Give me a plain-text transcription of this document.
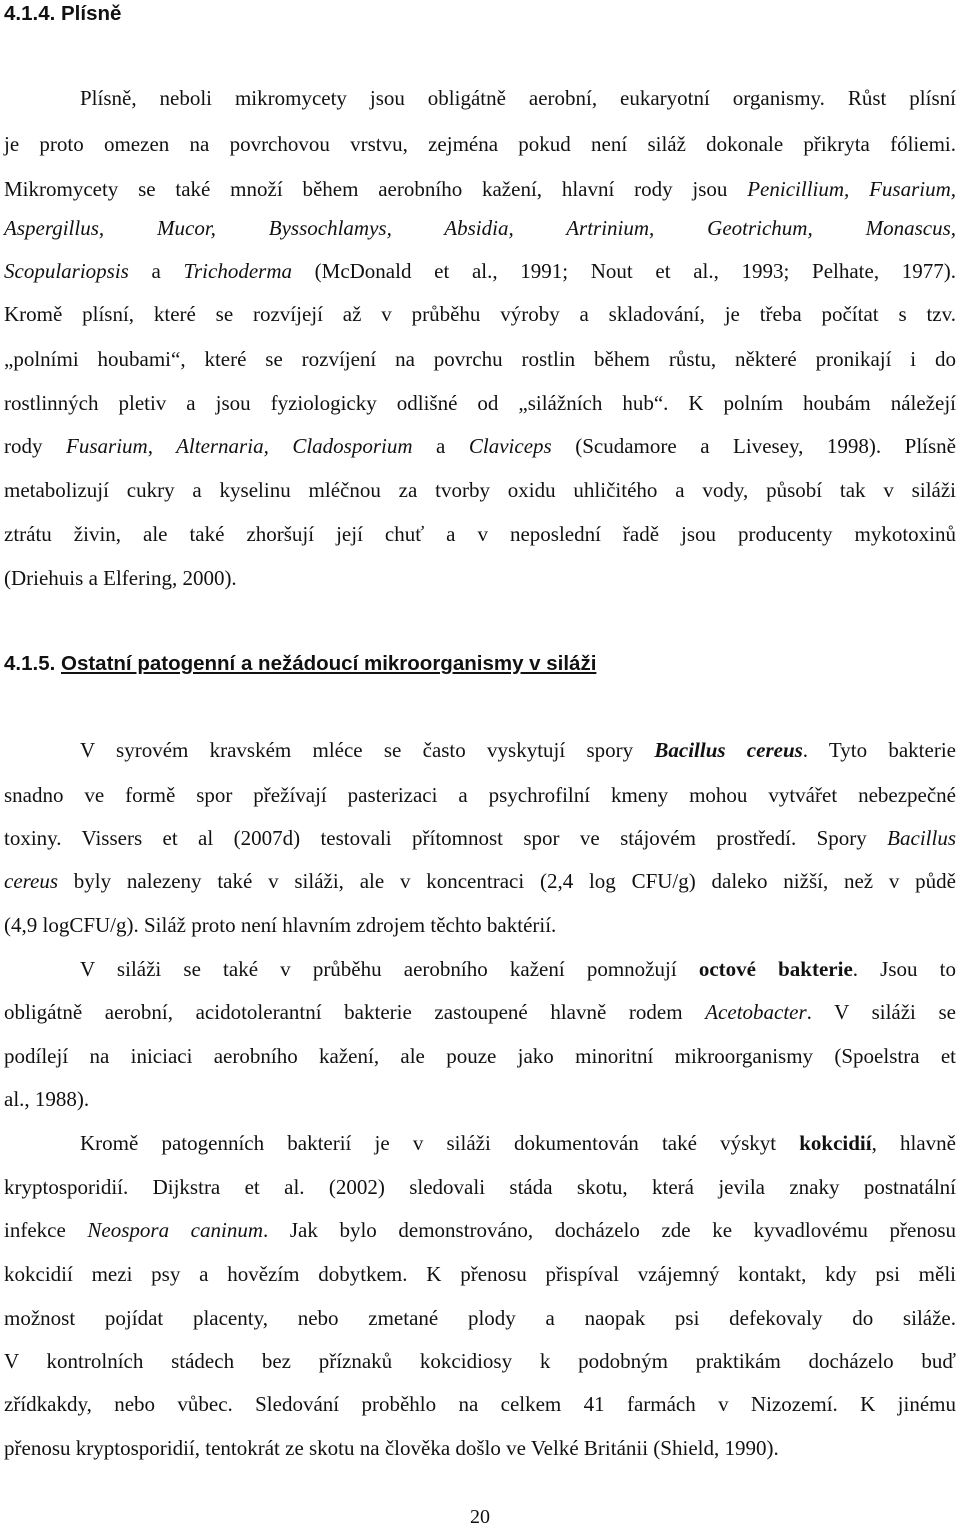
4.1.4. Plísně
Plísně, neboli mikromycety jsou obligátně aerobní, eukaryotní organismy. Růst plísní
je proto omezen na povrchovou vrstvu, zejména pokud není siláž dokonale přikryta fóliemi.
Mikromycety se také množí během aerobního kažení, hlavní rody jsou Penicillium, Fusarium,
Aspergillus, Mucor, Byssochlamys, Absidia, Artrinium, Geotrichum, Monascus,
Scopulariopsis a Trichoderma (McDonald et al., 1991; Nout et al., 1993; Pelhate, 1977).
Kromě plísní, které se rozvíjejí až v průběhu výroby a skladování, je třeba počítat s tzv.
„polními houbami“, které se rozvíjení na povrchu rostlin během růstu, některé pronikají i do
rostlinných pletiv a jsou fyziologicky odlišné od „silážních hub“. K polním houbám náležejí
rody Fusarium, Alternaria, Cladosporium a Claviceps (Scudamore a Livesey, 1998). Plísně
metabolizují cukry a kyselinu mléčnou za tvorby oxidu uhličitého a vody, působí tak v siláži
ztrátu živin, ale také zhoršují její chuť a v neposlední řadě jsou producenty mykotoxinů
(Driehuis a Elfering, 2000).
4.1.5. Ostatní patogenní a nežádoucí mikroorganismy v siláži
V syrovém kravském mléce se často vyskytují spory Bacillus cereus. Tyto bakterie
snadno ve formě spor přežívají pasterizaci a psychrofilní kmeny mohou vytvářet nebezpečné
toxiny. Vissers et al (2007d) testovali přítomnost spor ve stájovém prostředí. Spory Bacillus
cereus byly nalezeny také v siláži, ale v koncentraci (2,4 log CFU/g) daleko nižší, než v půdě
(4,9 logCFU/g). Siláž proto není hlavním zdrojem těchto baktérií.
V siláži se také v průběhu aerobního kažení pomnožují octové bakterie. Jsou to
obligátně aerobní, acidotolerantní bakterie zastoupené hlavně rodem Acetobacter. V siláži se
podílejí na iniciaci aerobního kažení, ale pouze jako minoritní mikroorganismy (Spoelstra et
al., 1988).
Kromě patogenních bakterií je v siláži dokumentován také výskyt kokcidií, hlavně
kryptosporidií. Dijkstra et al. (2002) sledovali stáda skotu, která jevila znaky postnatální
infekce Neospora caninum. Jak bylo demonstrováno, docházelo zde ke kyvadlovému přenosu
kokcidií mezi psy a hovězím dobytkem. K přenosu přispíval vzájemný kontakt, kdy psi měli
možnost pojídat placenty, nebo zmetané plody a naopak psi defekovaly do siláže.
V kontrolních stádech bez příznaků kokcidiosy k podobným praktikám docházelo buď
zřídkakdy, nebo vůbec. Sledování proběhlo na celkem 41 farmách v Nizozemí. K jinému
přenosu kryptosporidií, tentokrát ze skotu na člověka došlo ve Velké Británii (Shield, 1990).
20
